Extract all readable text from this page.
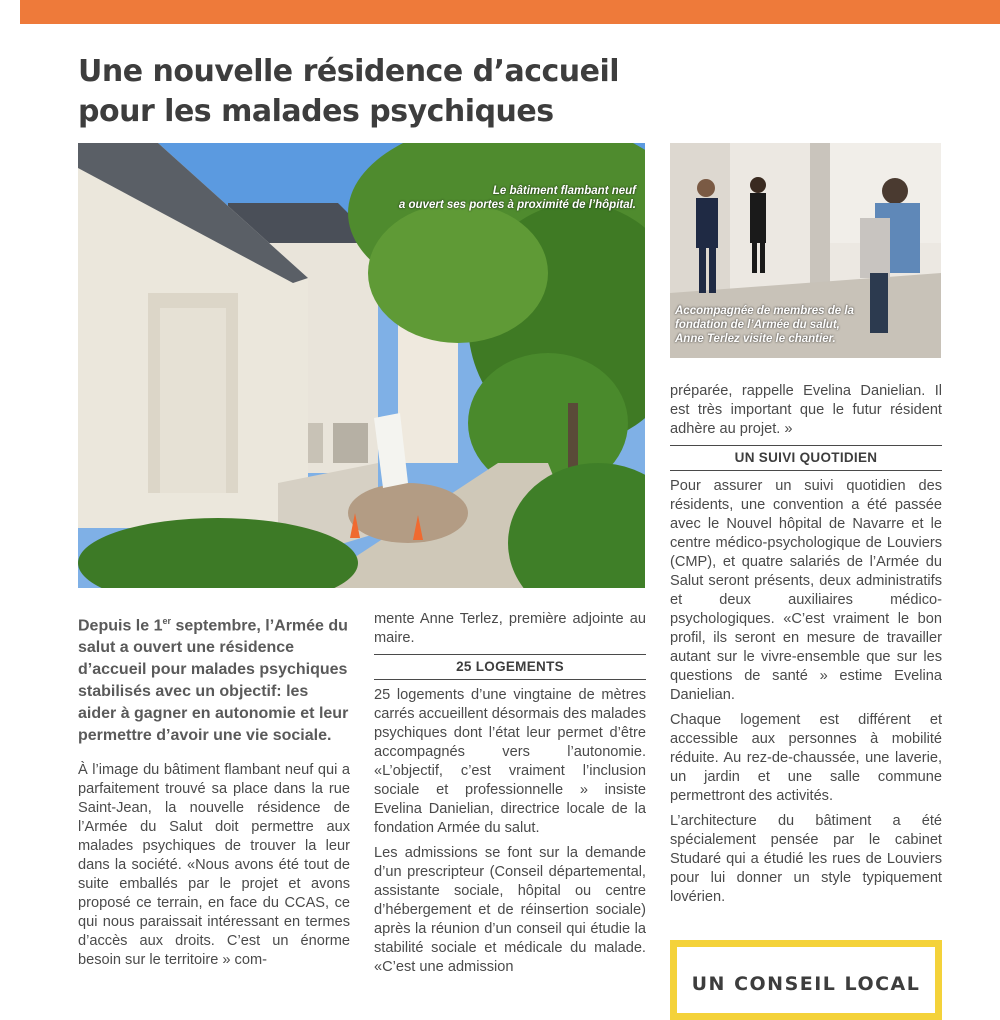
Une nouvelle résidence d’accueil
pour les malades psychiques
Le bâtiment flambant neuf
a ouvert ses portes à proximité de l’hôpital.
Accompagnée de membres de la
fondation de l’Armée du salut,
Anne Terlez visite le chantier.

Depuis le 1er septembre, l’Armée du salut a ouvert une résidence d’accueil pour malades psychiques stabilisés avec un objectif: les aider à gagner en autonomie et leur permettre d’avoir une vie sociale.

À l’image du bâtiment flambant neuf qui a parfaitement trouvé sa place dans la rue Saint-Jean, la nouvelle résidence de l’Armée du Salut doit permettre aux malades psychiques de trouver la leur dans la société. «Nous avons été tout de suite emballés par le projet et avons proposé ce terrain, en face du CCAS, ce qui nous paraissait intéressant en termes d’accès aux droits. C’est un énorme besoin sur le territoire » com-

mente Anne Terlez, première adjointe au maire.

25 LOGEMENTS

25 logements d’une vingtaine de mètres carrés accueillent désormais des malades psychiques dont l’état leur permet d’être accompagnés vers l’autonomie. «L’objectif, c’est vraiment l’inclusion sociale et professionnelle » insiste Evelina Danielian, directrice locale de la fondation Armée du salut.

Les admissions se font sur la demande d’un prescripteur (Conseil départemental, assistante sociale, hôpital ou centre d’hébergement et de réinsertion sociale) après la réunion d’un conseil qui étudie la stabilité sociale et médicale du malade. «C’est une admission

préparée, rappelle Evelina Danielian. Il est très important que le futur résident adhère au projet. »

UN SUIVI QUOTIDIEN

Pour assurer un suivi quotidien des résidents, une convention a été passée avec le Nouvel hôpital de Navarre et le centre médico-psychologique de Louviers (CMP), et quatre salariés de l’Armée du Salut seront présents, deux administratifs et deux auxiliaires médico-psychologiques. «C’est vraiment le bon profil, ils seront en mesure de travailler autant sur le vivre-ensemble que sur les questions de santé » estime Evelina Danielian.

Chaque logement est différent et accessible aux personnes à mobilité réduite. Au rez-de-chaussée, une laverie, un jardin et une salle commune permettront des activités.

L’architecture du bâtiment a été spécialement pensée par le cabinet Studaré qui a étudié les rues de Louviers pour lui donner un style typiquement lovérien.

UN CONSEIL LOCAL
